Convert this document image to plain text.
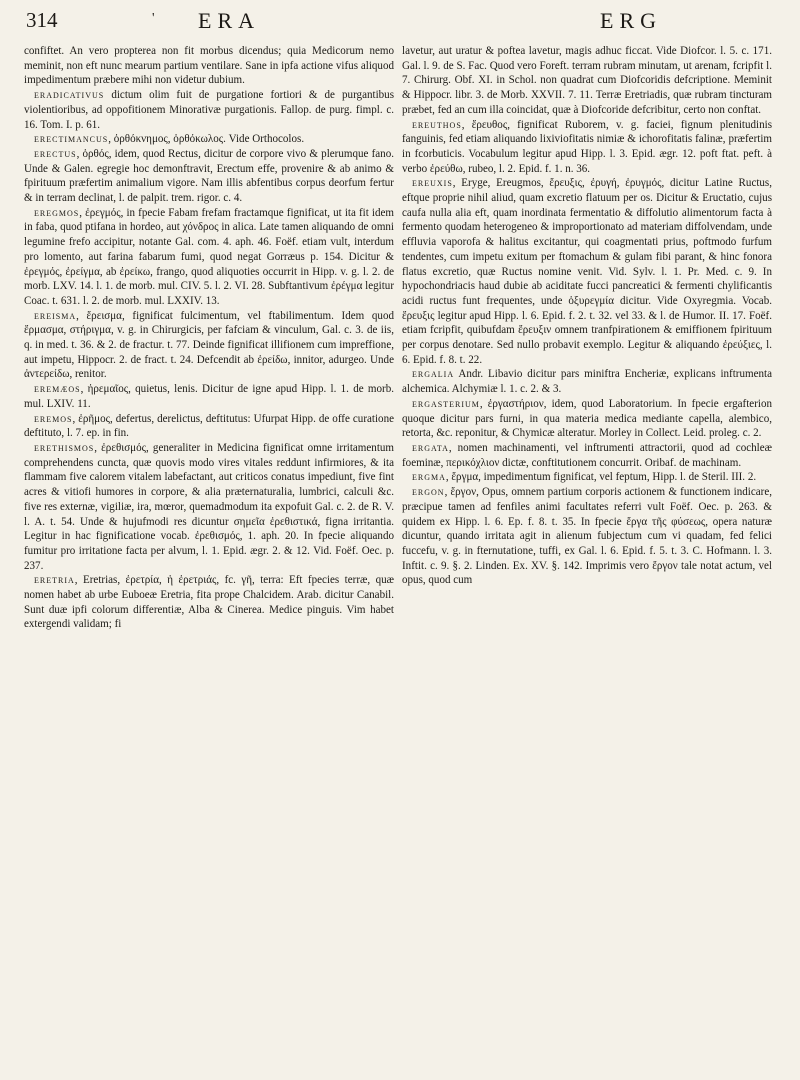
314	' ERA	ERG

confiftet. An vero propterea non fit morbus dicendus; quia Medicorum nemo meminit, non eft nunc mearum partium ventilare. Sane in ipfa actione vifus aliquod impedimentum præbere mihi non videtur dubium.

eradicativus dictum olim fuit de purgatione fortiori & de purgantibus violentioribus, ad oppofitionem Minorativæ purgationis. Fallop. de purg. fimpl. c. 16. Tom. I. p. 61.

erectimancus, ὀρθόκνημος, ὀρθόκωλος. Vide Orthocolos.

erectus, ὀρθός, idem, quod Rectus, dicitur de corpore vivo & plerumque fano. Unde & Galen. egregie hoc demonftravit, Erectum effe, provenire & ab animo & fpirituum præfertim animalium vigore. Nam illis abfentibus corpus deorfum fertur & in terram declinat, l. de palpit. trem. rigor. c. 4.

eregmos, ἐρεγμός, in fpecie Fabam frefam fractamque fignificat, ut ita fit idem in faba, quod ptifana in hordeo, aut χόνδρος in alica. Late tamen aliquando de omni legumine frefo accipitur, notante Gal. com. 4. aph. 46. Foëf. etiam vult, interdum pro lomento, aut farina fabarum fumi, quod negat Gorræus p. 154. Dicitur & ἐρεγμός, ἐρείγμα, ab ἐρείκω, frango, quod aliquoties occurrit in Hipp. v. g. l. 2. de morb. LXV. 14. l. 1. de morb. mul. CIV. 5. l. 2. VI. 28. Subftantivum ἐρέγμα legitur Coac. t. 631. l. 2. de morb. mul. LXXIV. 13.

ereisma, ἔρεισμα, fignificat fulcimentum, vel ftabilimentum. Idem quod ἔρμασμα, στήριγμα, v. g. in Chirurgicis, per fafciam & vinculum, Gal. c. 3. de iis, q. in med. t. 36. & 2. de fractur. t. 77. Deinde fignificat illifionem cum impreffione, aut impetu, Hippocr. 2. de fract. t. 24. Defcendit ab ἐρείδω, innitor, adurgeo. Unde ἀντερείδω, renitor.

eremæos, ἠρεμαῖος, quietus, lenis. Dicitur de igne apud Hipp. l. 1. de morb. mul. LXIV. 11.

eremos, ἐρῆμος, defertus, derelictus, deftitutus: Ufurpat Hipp. de offe curatione deftituto, l. 7. ep. in fin.

erethismos, ἐρεθισμός, generaliter in Medicina fignificat omne irritamentum comprehendens cuncta, quæ quovis modo vires vitales reddunt infirmiores, & ita flammam five calorem vitalem labefactant, aut criticos conatus impediunt, five fint acres & vitiofi humores in corpore, & alia præternaturalia, lumbrici, calculi &c. five res externæ, vigiliæ, ira, mœror, quemadmodum ita expofuit Gal. c. 2. de R. V. l. A. t. 54. Unde & hujufmodi res dicuntur σημεῖα ἐρεθιστικά, figna irritantia. Legitur in hac fignificatione vocab. ἐρεθισμός, 1. aph. 20. In fpecie aliquando fumitur pro irritatione facta per alvum, l. 1. Epid. ægr. 2. & 12. Vid. Foëf. Oec. p. 237.

eretria, Eretrias, ἐρετρία, ἡ ἐρετριάς, fc. γῆ, terra: Eft fpecies terræ, quæ nomen habet ab urbe Euboeæ Eretria, fita prope Chalcidem. Arab. dicitur Canabil. Sunt duæ ipfi colorum differentiæ, Alba & Cinerea. Medice pinguis. Vim habet extergendi validam; fi

lavetur, aut uratur & poftea lavetur, magis adhuc ficcat. Vide Diofcor. l. 5. c. 171. Gal. l. 9. de S. Fac. Quod vero Foreft. terram rubram minutam, ut arenam, fcripfit l. 7. Chirurg. Obf. XI. in Schol. non quadrat cum Diofcoridis defcriptione. Meminit & Hippocr. libr. 3. de Morb. XXVII. 7. 11. Terræ Eretriadis, quæ rubram tincturam præbet, fed an cum illa coincidat, quæ à Diofcoride defcribitur, certo non conftat.

ereuthos, ἔρευθος, fignificat Ruborem, v. g. faciei, fignum plenitudinis fanguinis, fed etiam aliquando lixiviofitatis nimiæ & ichorofitatis falinæ, præfertim in fcorbuticis. Vocabulum legitur apud Hipp. l. 3. Epid. ægr. 12. poft ftat. peft. à verbo ἐρεύθω, rubeo, l. 2. Epid. f. 1. n. 36.

ereuxis, Eryge, Ereugmos, ἔρευξις, ἐρυγή, ἐρυγμός, dicitur Latine Ructus, eftque proprie nihil aliud, quam excretio flatuum per os. Dicitur & Eructatio, cujus caufa nulla alia eft, quam inordinata fermentatio & diffolutio alimentorum facta à fermento quodam heterogeneo & improportionato ad materiam diffolvendam, unde effluvia vaporofa & halitus excitantur, qui coagmentati prius, poftmodo furfum tendentes, cum impetu exitum per ftomachum & gulam fibi parant, & hinc fonora flatus excretio, quæ Ructus nomine venit. Vid. Sylv. l. 1. Pr. Med. c. 9. In hypochondriacis haud dubie ab aciditate fucci pancreatici & fermenti chylificantis acidi ructus funt frequentes, unde ὀξυρεγμία dicitur. Vide Oxyregmia. Vocab. ἔρευξις legitur apud Hipp. l. 6. Epid. f. 2. t. 32. vel 33. & l. de Humor. II. 17. Foëf. etiam fcripfit, quibufdam ἔρευξιν omnem tranfpirationem & emiffionem fpirituum per corpus denotare. Sed nullo probavit exemplo. Legitur & aliquando ἐρεύξιες, l. 6. Epid. f. 8. t. 22.

ergalia Andr. Libavio dicitur pars miniftra Encheriæ, explicans inftrumenta alchemica. Alchymiæ l. 1. c. 2. & 3.

ergasterium, ἐργαστήριον, idem, quod Laboratorium. In fpecie ergafterion quoque dicitur pars furni, in qua materia medica mediante capella, alembico, retorta, &c. reponitur, & Chymicæ alteratur. Morley in Collect. Leid. proleg. c. 2.

ergata, nomen machinamenti, vel inftrumenti attractorii, quod ad cochleæ foeminæ, περικόχλιον dictæ, conftitutionem concurrit. Oribaf. de machinam.

ergma, ἔργμα, impedimentum fignificat, vel feptum, Hipp. l. de Steril. III. 2.

ergon, ἔργον, Opus, omnem partium corporis actionem & functionem indicare, præcipue tamen ad fenfiles animi facultates referri vult Foëf. Oec. p. 263. & quidem ex Hipp. l. 6. Ep. f. 8. t. 35. In fpecie ἔργα τῆς φύσεως, opera naturæ dicuntur, quando irritata agit in alienum fubjectum cum vi quadam, fed felici fuccefu, v. g. in fternutatione, tuffi, ex Gal. l. 6. Epid. f. 5. t. 3. C. Hofmann. l. 3. Inftit. c. 9. §. 2. Linden. Ex. XV. §. 142. Imprimis vero ἔργον tale notat actum, vel opus, quod cum
